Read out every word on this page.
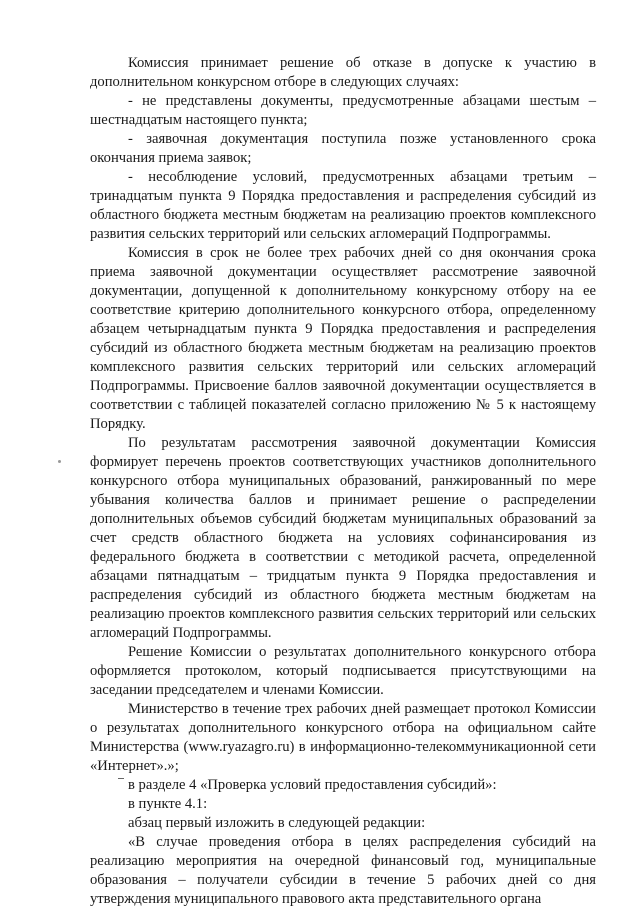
Комиссия принимает решение об отказе в допуске к участию в дополнительном конкурсном отборе в следующих случаях:

- не представлены документы, предусмотренные абзацами шестым – шестнадцатым настоящего пункта;

- заявочная документация поступила позже установленного срока окончания приема заявок;

- несоблюдение условий, предусмотренных абзацами третьим – тринадцатым пункта 9 Порядка предоставления и распределения субсидий из областного бюджета местным бюджетам на реализацию проектов комплексного развития сельских территорий или сельских агломераций Подпрограммы.

Комиссия в срок не более трех рабочих дней со дня окончания срока приема заявочной документации осуществляет рассмотрение заявочной документации, допущенной к дополнительному конкурсному отбору на ее соответствие критерию дополнительного конкурсного отбора, определенному абзацем четырнадцатым пункта 9 Порядка предоставления и распределения субсидий из областного бюджета местным бюджетам на реализацию проектов комплексного развития сельских территорий или сельских агломераций Подпрограммы. Присвоение баллов заявочной документации осуществляется в соответствии с таблицей показателей согласно приложению № 5 к настоящему Порядку.

По результатам рассмотрения заявочной документации Комиссия формирует перечень проектов соответствующих участников дополнительного конкурсного отбора муниципальных образований, ранжированный по мере убывания количества баллов и принимает решение о распределении дополнительных объемов субсидий бюджетам муниципальных образований за счет средств областного бюджета на условиях софинансирования из федерального бюджета в соответствии с методикой расчета, определенной абзацами пятнадцатым – тридцатым пункта 9 Порядка предоставления и распределения субсидий из областного бюджета местным бюджетам на реализацию проектов комплексного развития сельских территорий или сельских агломераций Подпрограммы.

Решение Комиссии о результатах дополнительного конкурсного отбора оформляется протоколом, который подписывается присутствующими на заседании председателем и членами Комиссии.

Министерство в течение трех рабочих дней размещает протокол Комиссии о результатах дополнительного конкурсного отбора на официальном сайте Министерства (www.ryazagro.ru) в информационно-телекоммуникационной сети «Интернет».»;

в разделе 4 «Проверка условий предоставления субсидий»:

в пункте 4.1:

абзац первый изложить в следующей редакции:

«В случае проведения отбора в целях распределения субсидий на реализацию мероприятия на очередной финансовый год, муниципальные образования – получатели субсидии в течение 5 рабочих дней со дня утверждения муниципального правового акта представительного органа
